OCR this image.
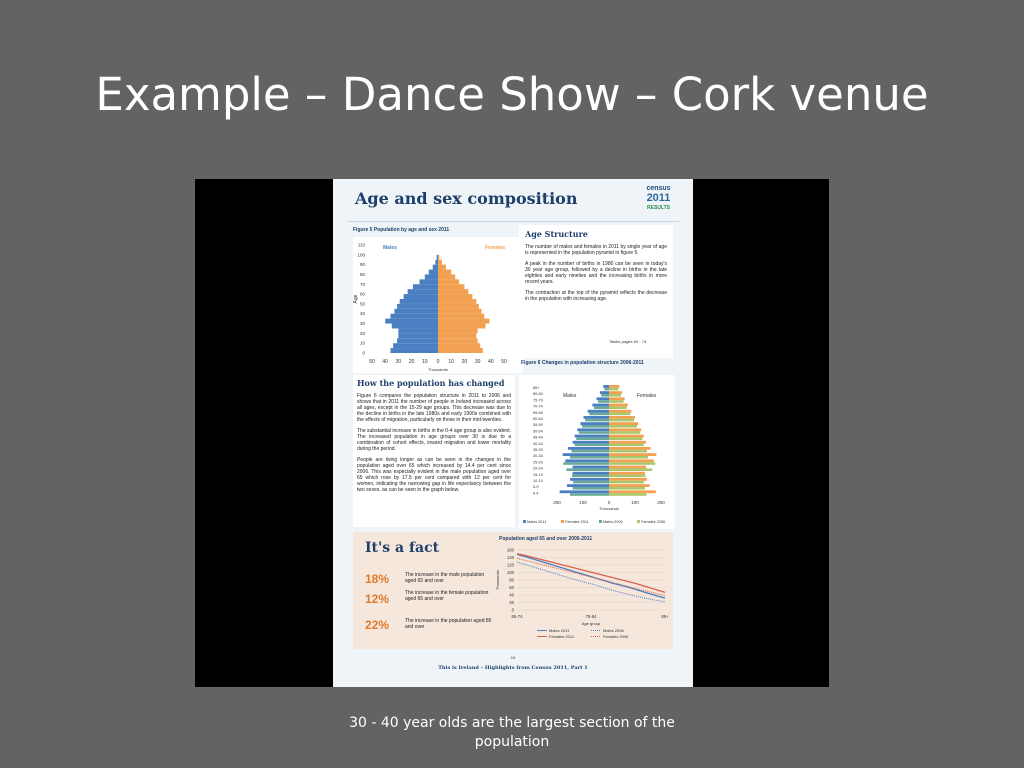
Example – Dance Show – Cork venue
Age and sex composition
census
2011
RESULTS
Figure 5 Population by age and sex 2011
0
10
20
30
40
50
60
70
80
90
100
110
50 40 30 20 10 0 10 20 30 40 50
Males	Females
Age
Thousands
Age Structure

The number of males and females in 2011 by single year of age is represented in the population pyramid in figure 5.

A peak in the number of births in 1980 can be seen in today's 30 year age group, followed by a decline in births in the late eighties and early nineties and the increasing births in more recent years.

The contraction at the top of the pyramid reflects the decrease in the population with increasing age.

Tables pages 60 - 74
How the population has changed

Figure 6 compares the population structure in 2011 to 2006 and shows that in 2011 the number of people in Ireland increased across all ages, except in the 15-29 age groups. This decrease was due to the decline in births in the late 1980s and early 1990s combined with the effects of migration, particularly on those in their mid-twenties.

The substantial increase in births in the 0-4 age group is also evident. The increased population in age groups over 30 is due to a combination of cohort effects, inward migration and lower mortality during the period.

People are living longer as can be seen in the changes in the population aged over 65 which increased by 14.4 per cent since 2006. This was especially evident in the male population aged over 65 which rose by 17.5 per cent compared with 12 per cent for women, indicating the narrowing gap in life expectancy between the two sexes, as can be seen in the graph below.

Figure 6 Changes in population structure 2006-2011
85+
80-84
75-79
70-74
65-69
60-64
55-59
50-54
45-49
40-44
35-39
30-34
25-29
20-24
15-19
10-14
5-9
0-4
Males	Females
200	100	0	100	200
Thousands
Males 2011	Females 2011	Males 2006	Females 2006
It's a fact
18%	The increase in the male population aged 65 and over
12%	The increase in the female population aged 65 and over
22%	The increase in the population aged 85 and over
Population aged 65 and over 2006-2011
0
20
40
60
80
100
120
140
160
65-74	75-84	85+
Age group
Thousands
Males 2011
Females 2011
Males 2006
Females 2006
16
This is Ireland – Highlights from Census 2011, Part 1
30 - 40 year olds are the largest section of the population
